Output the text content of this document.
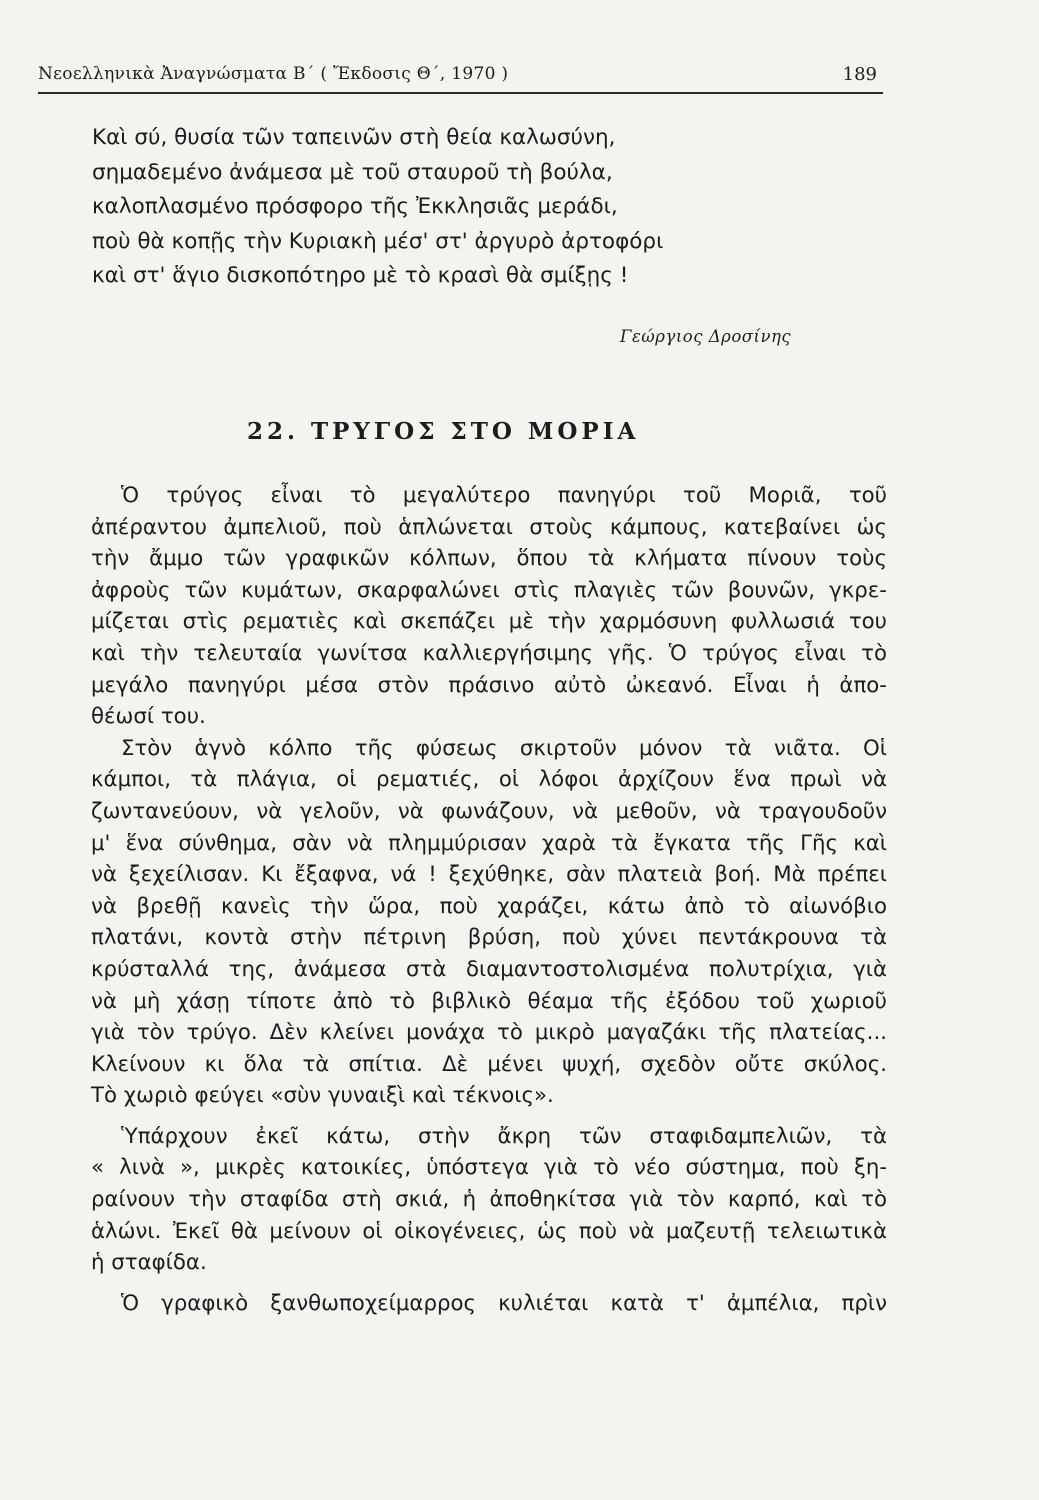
Νεοελληνικὰ Ἀναγνώσματα Β΄ ( Ἔκδοσις Θ΄, 1970 )	189
Καὶ σύ, θυσία τῶν ταπεινῶν στὴ θεία καλωσύνη,
σημαδεμένο ἀνάμεσα μὲ τοῦ σταυροῦ τὴ βούλα,
καλοπλασμένο πρόσφορο τῆς Ἐκκλησιᾶς μεράδι,
ποὺ θὰ κοπῇς τὴν Κυριακὴ μέσ' στ' ἀργυρὸ ἀρτοφόρι
καὶ στ' ἅγιο δισκοπότηρο μὲ τὸ κρασὶ θὰ σμίξῃς !
Γεώργιος Δροσίνης
22. ΤΡΥΓΟΣ ΣΤΟ ΜΟΡΙΑ
Ὁ τρύγος εἶναι τὸ μεγαλύτερο πανηγύρι τοῦ Μοριᾶ, τοῦ
ἀπέραντου ἀμπελιοῦ, ποὺ ἁπλώνεται στοὺς κάμπους, κατεβαίνει ὡς
τὴν ἄμμο τῶν γραφικῶν κόλπων, ὅπου τὰ κλήματα πίνουν τοὺς
ἀφροὺς τῶν κυμάτων, σκαρφαλώνει στὶς πλαγιὲς τῶν βουνῶν, γκρε-
μίζεται στὶς ρεματιὲς καὶ σκεπάζει μὲ τὴν χαρμόσυνη φυλλωσιά του
καὶ τὴν τελευταία γωνίτσα καλλιεργήσιμης γῆς. Ὁ τρύγος εἶναι τὸ
μεγάλο πανηγύρι μέσα στὸν πράσινο αὐτὸ ὠκεανό. Εἶναι ἡ ἀπο-
θέωσί του.
Στὸν ἁγνὸ κόλπο τῆς φύσεως σκιρτοῦν μόνον τὰ νιᾶτα. Οἱ
κάμποι, τὰ πλάγια, οἱ ρεματιές, οἱ λόφοι ἀρχίζουν ἕνα πρωὶ νὰ
ζωντανεύουν, νὰ γελοῦν, νὰ φωνάζουν, νὰ μεθοῦν, νὰ τραγουδοῦν
μ' ἕνα σύνθημα, σὰν νὰ πλημμύρισαν χαρὰ τὰ ἔγκατα τῆς Γῆς καὶ
νὰ ξεχείλισαν. Κι ἔξαφνα, νά ! ξεχύθηκε, σὰν πλατειὰ βοή. Μὰ πρέπει
νὰ βρεθῇ κανεὶς τὴν ὥρα, ποὺ χαράζει, κάτω ἀπὸ τὸ αἰωνόβιο
πλατάνι, κοντὰ στὴν πέτρινη βρύση, ποὺ χύνει πεντάκρουνα τὰ
κρύσταλλά της, ἀνάμεσα στὰ διαμαντοστολισμένα πολυτρίχια, γιὰ
νὰ μὴ χάσῃ τίποτε ἀπὸ τὸ βιβλικὸ θέαμα τῆς ἐξόδου τοῦ χωριοῦ
γιὰ τὸν τρύγο. Δὲν κλείνει μονάχα τὸ μικρὸ μαγαζάκι τῆς πλατείας...
Κλείνουν κι ὅλα τὰ σπίτια. Δὲ μένει ψυχή, σχεδὸν οὔτε σκύλος.
Τὸ χωριὸ φεύγει «σὺν γυναιξὶ καὶ τέκνοις».
Ὑπάρχουν ἐκεῖ κάτω, στὴν ἄκρη τῶν σταφιδαμπελιῶν, τὰ
« λινὰ », μικρὲς κατοικίες, ὑπόστεγα γιὰ τὸ νέο σύστημα, ποὺ ξη-
ραίνουν τὴν σταφίδα στὴ σκιά, ἡ ἀποθηκίτσα γιὰ τὸν καρπό, καὶ τὸ
ἁλώνι. Ἐκεῖ θὰ μείνουν οἱ οἰκογένειες, ὡς ποὺ νὰ μαζευτῇ τελειωτικὰ
ἡ σταφίδα.
Ὁ γραφικὸ ξανθωποχείμαρρος κυλιέται κατὰ τ' ἀμπέλια, πρὶν
